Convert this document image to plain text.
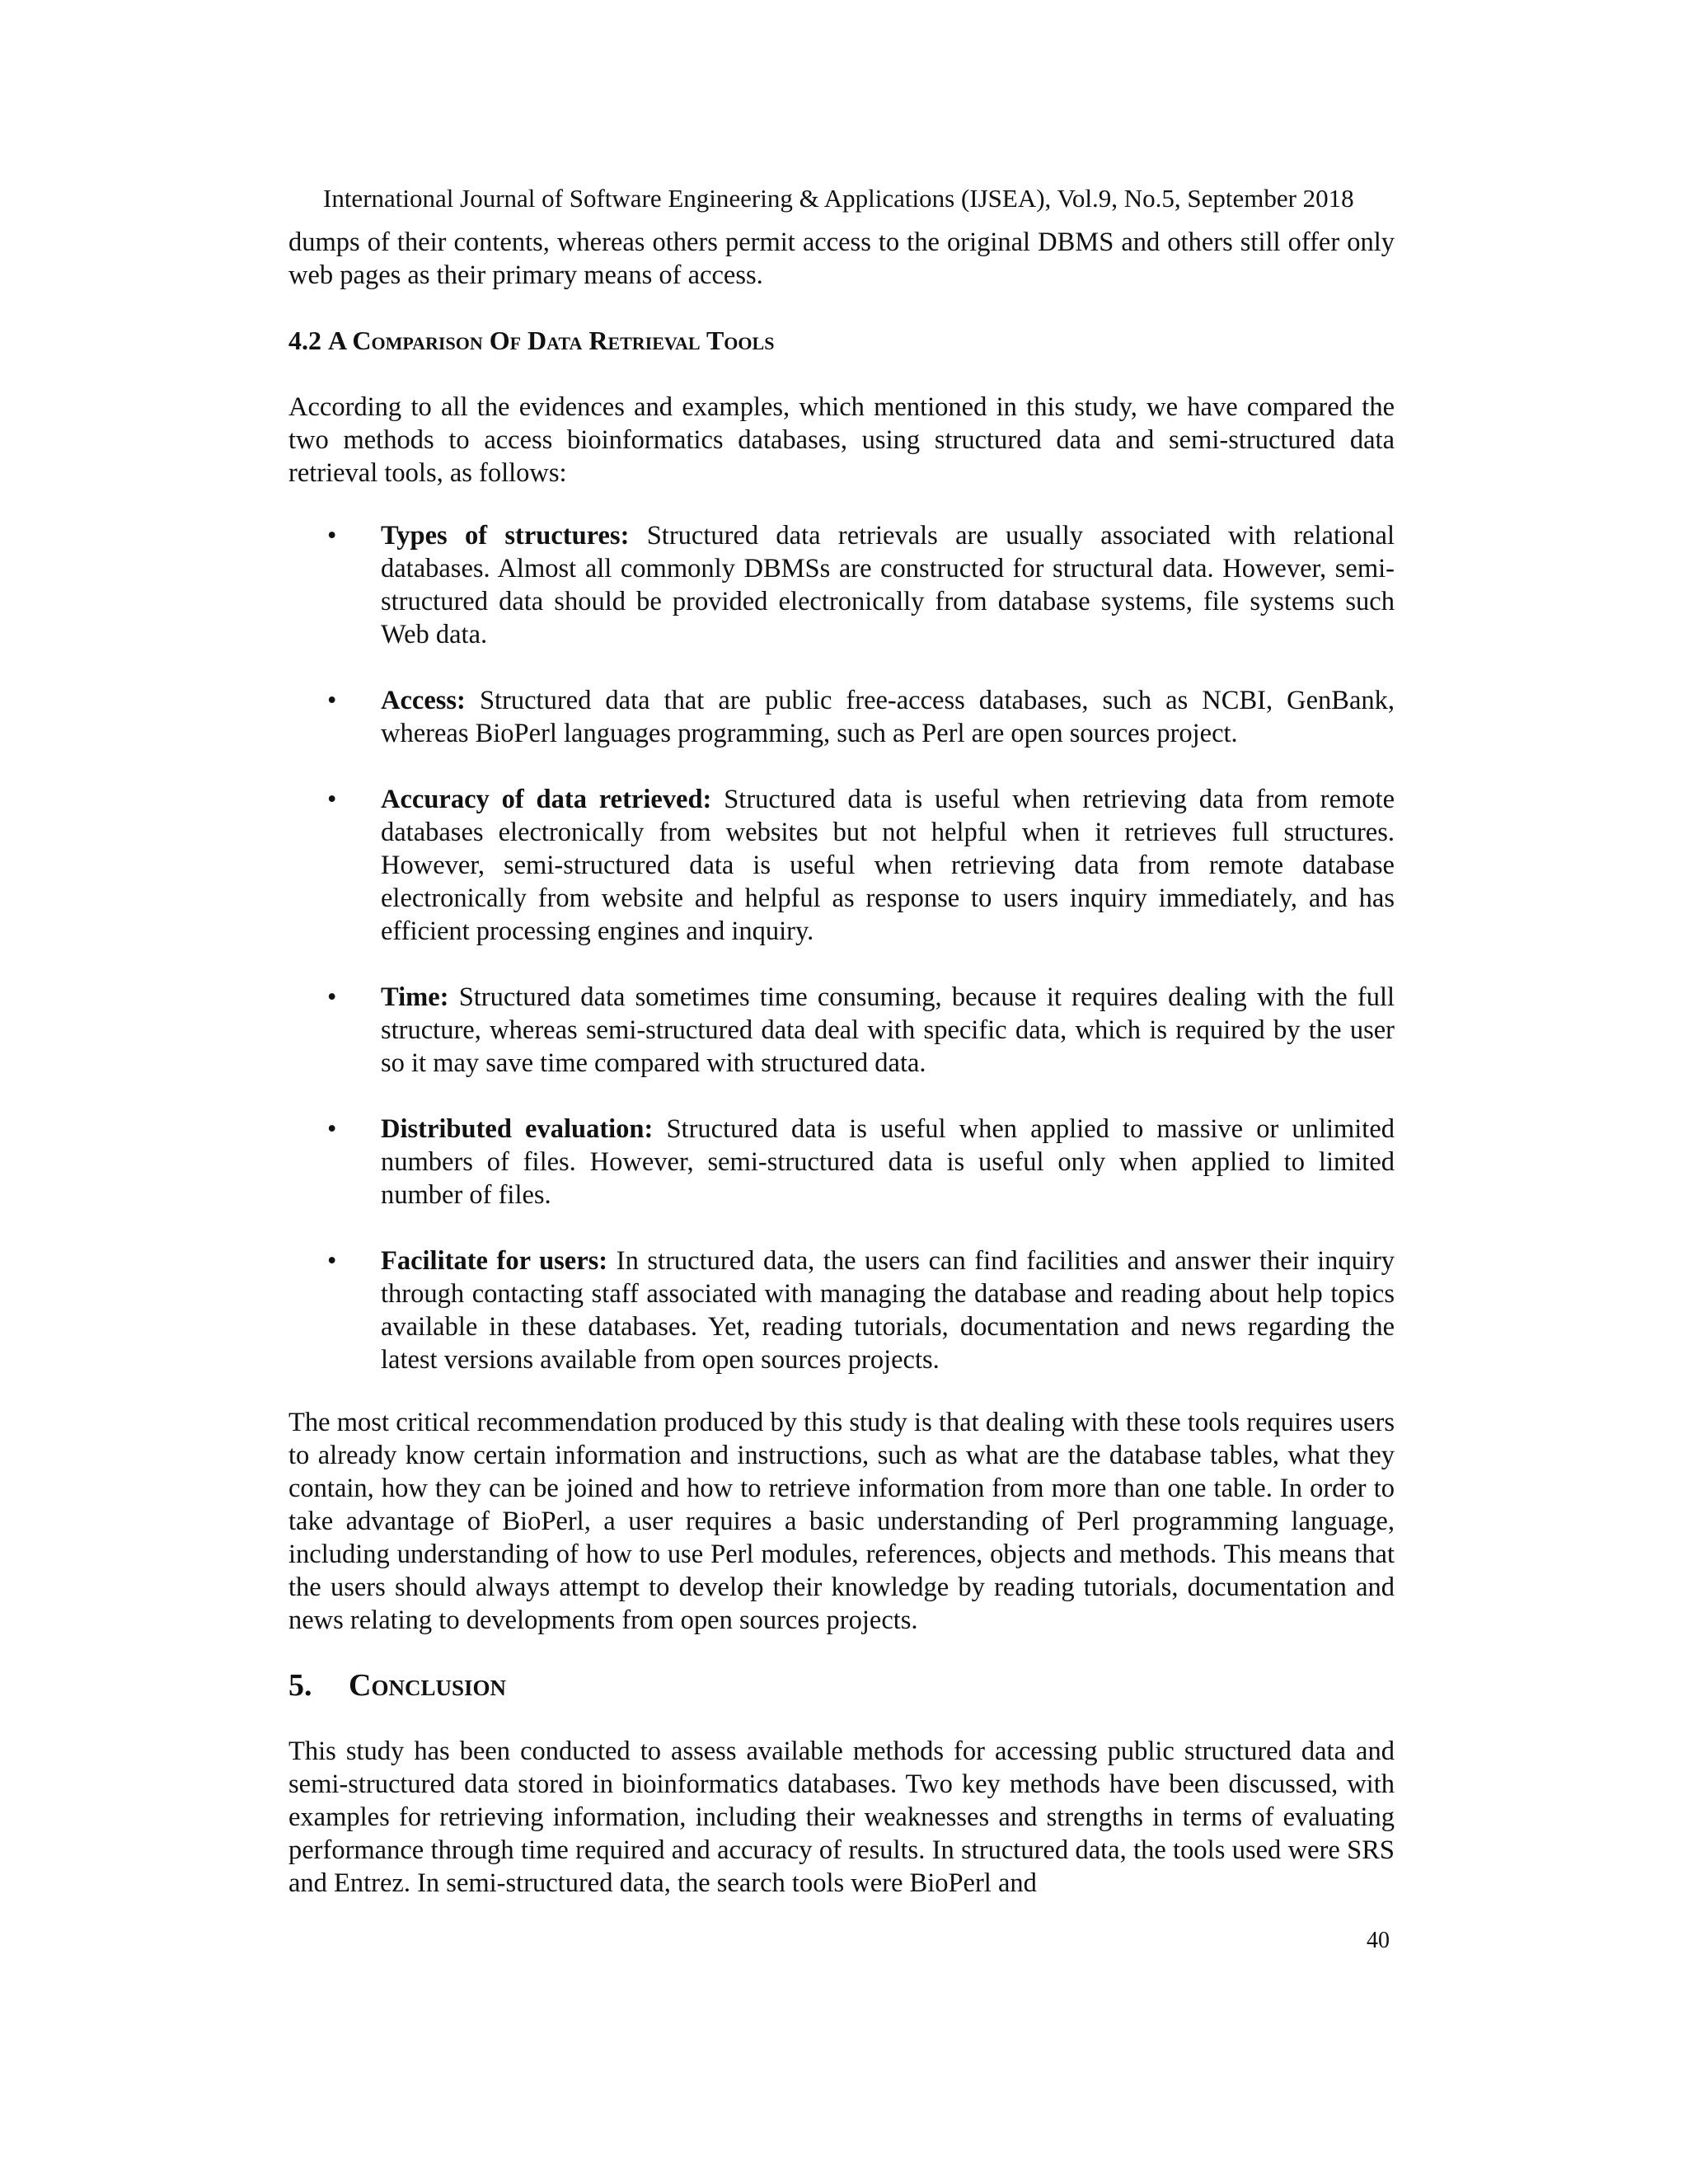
International Journal of Software Engineering & Applications (IJSEA), Vol.9, No.5, September 2018

dumps of their contents, whereas others permit access to the original DBMS and others still offer only web pages as their primary means of access.

4.2 A Comparison Of Data Retrieval Tools

According to all the evidences and examples, which mentioned in this study, we have compared the two methods to access bioinformatics databases, using structured data and semi-structured data retrieval tools, as follows:

• Types of structures: Structured data retrievals are usually associated with relational databases. Almost all commonly DBMSs are constructed for structural data. However, semi-structured data should be provided electronically from database systems, file systems such Web data.
• Access: Structured data that are public free-access databases, such as NCBI, GenBank, whereas BioPerl languages programming, such as Perl are open sources project.
• Accuracy of data retrieved: Structured data is useful when retrieving data from remote databases electronically from websites but not helpful when it retrieves full structures. However, semi-structured data is useful when retrieving data from remote database electronically from website and helpful as response to users inquiry immediately, and has efficient processing engines and inquiry.
• Time: Structured data sometimes time consuming, because it requires dealing with the full structure, whereas semi-structured data deal with specific data, which is required by the user so it may save time compared with structured data.
• Distributed evaluation: Structured data is useful when applied to massive or unlimited numbers of files. However, semi-structured data is useful only when applied to limited number of files.
• Facilitate for users: In structured data, the users can find facilities and answer their inquiry through contacting staff associated with managing the database and reading about help topics available in these databases. Yet, reading tutorials, documentation and news regarding the latest versions available from open sources projects.

The most critical recommendation produced by this study is that dealing with these tools requires users to already know certain information and instructions, such as what are the database tables, what they contain, how they can be joined and how to retrieve information from more than one table. In order to take advantage of BioPerl, a user requires a basic understanding of Perl programming language, including understanding of how to use Perl modules, references, objects and methods. This means that the users should always attempt to develop their knowledge by reading tutorials, documentation and news relating to developments from open sources projects.

5. Conclusion

This study has been conducted to assess available methods for accessing public structured data and semi-structured data stored in bioinformatics databases. Two key methods have been discussed, with examples for retrieving information, including their weaknesses and strengths in terms of evaluating performance through time required and accuracy of results. In structured data, the tools used were SRS and Entrez. In semi-structured data, the search tools were BioPerl and

40
